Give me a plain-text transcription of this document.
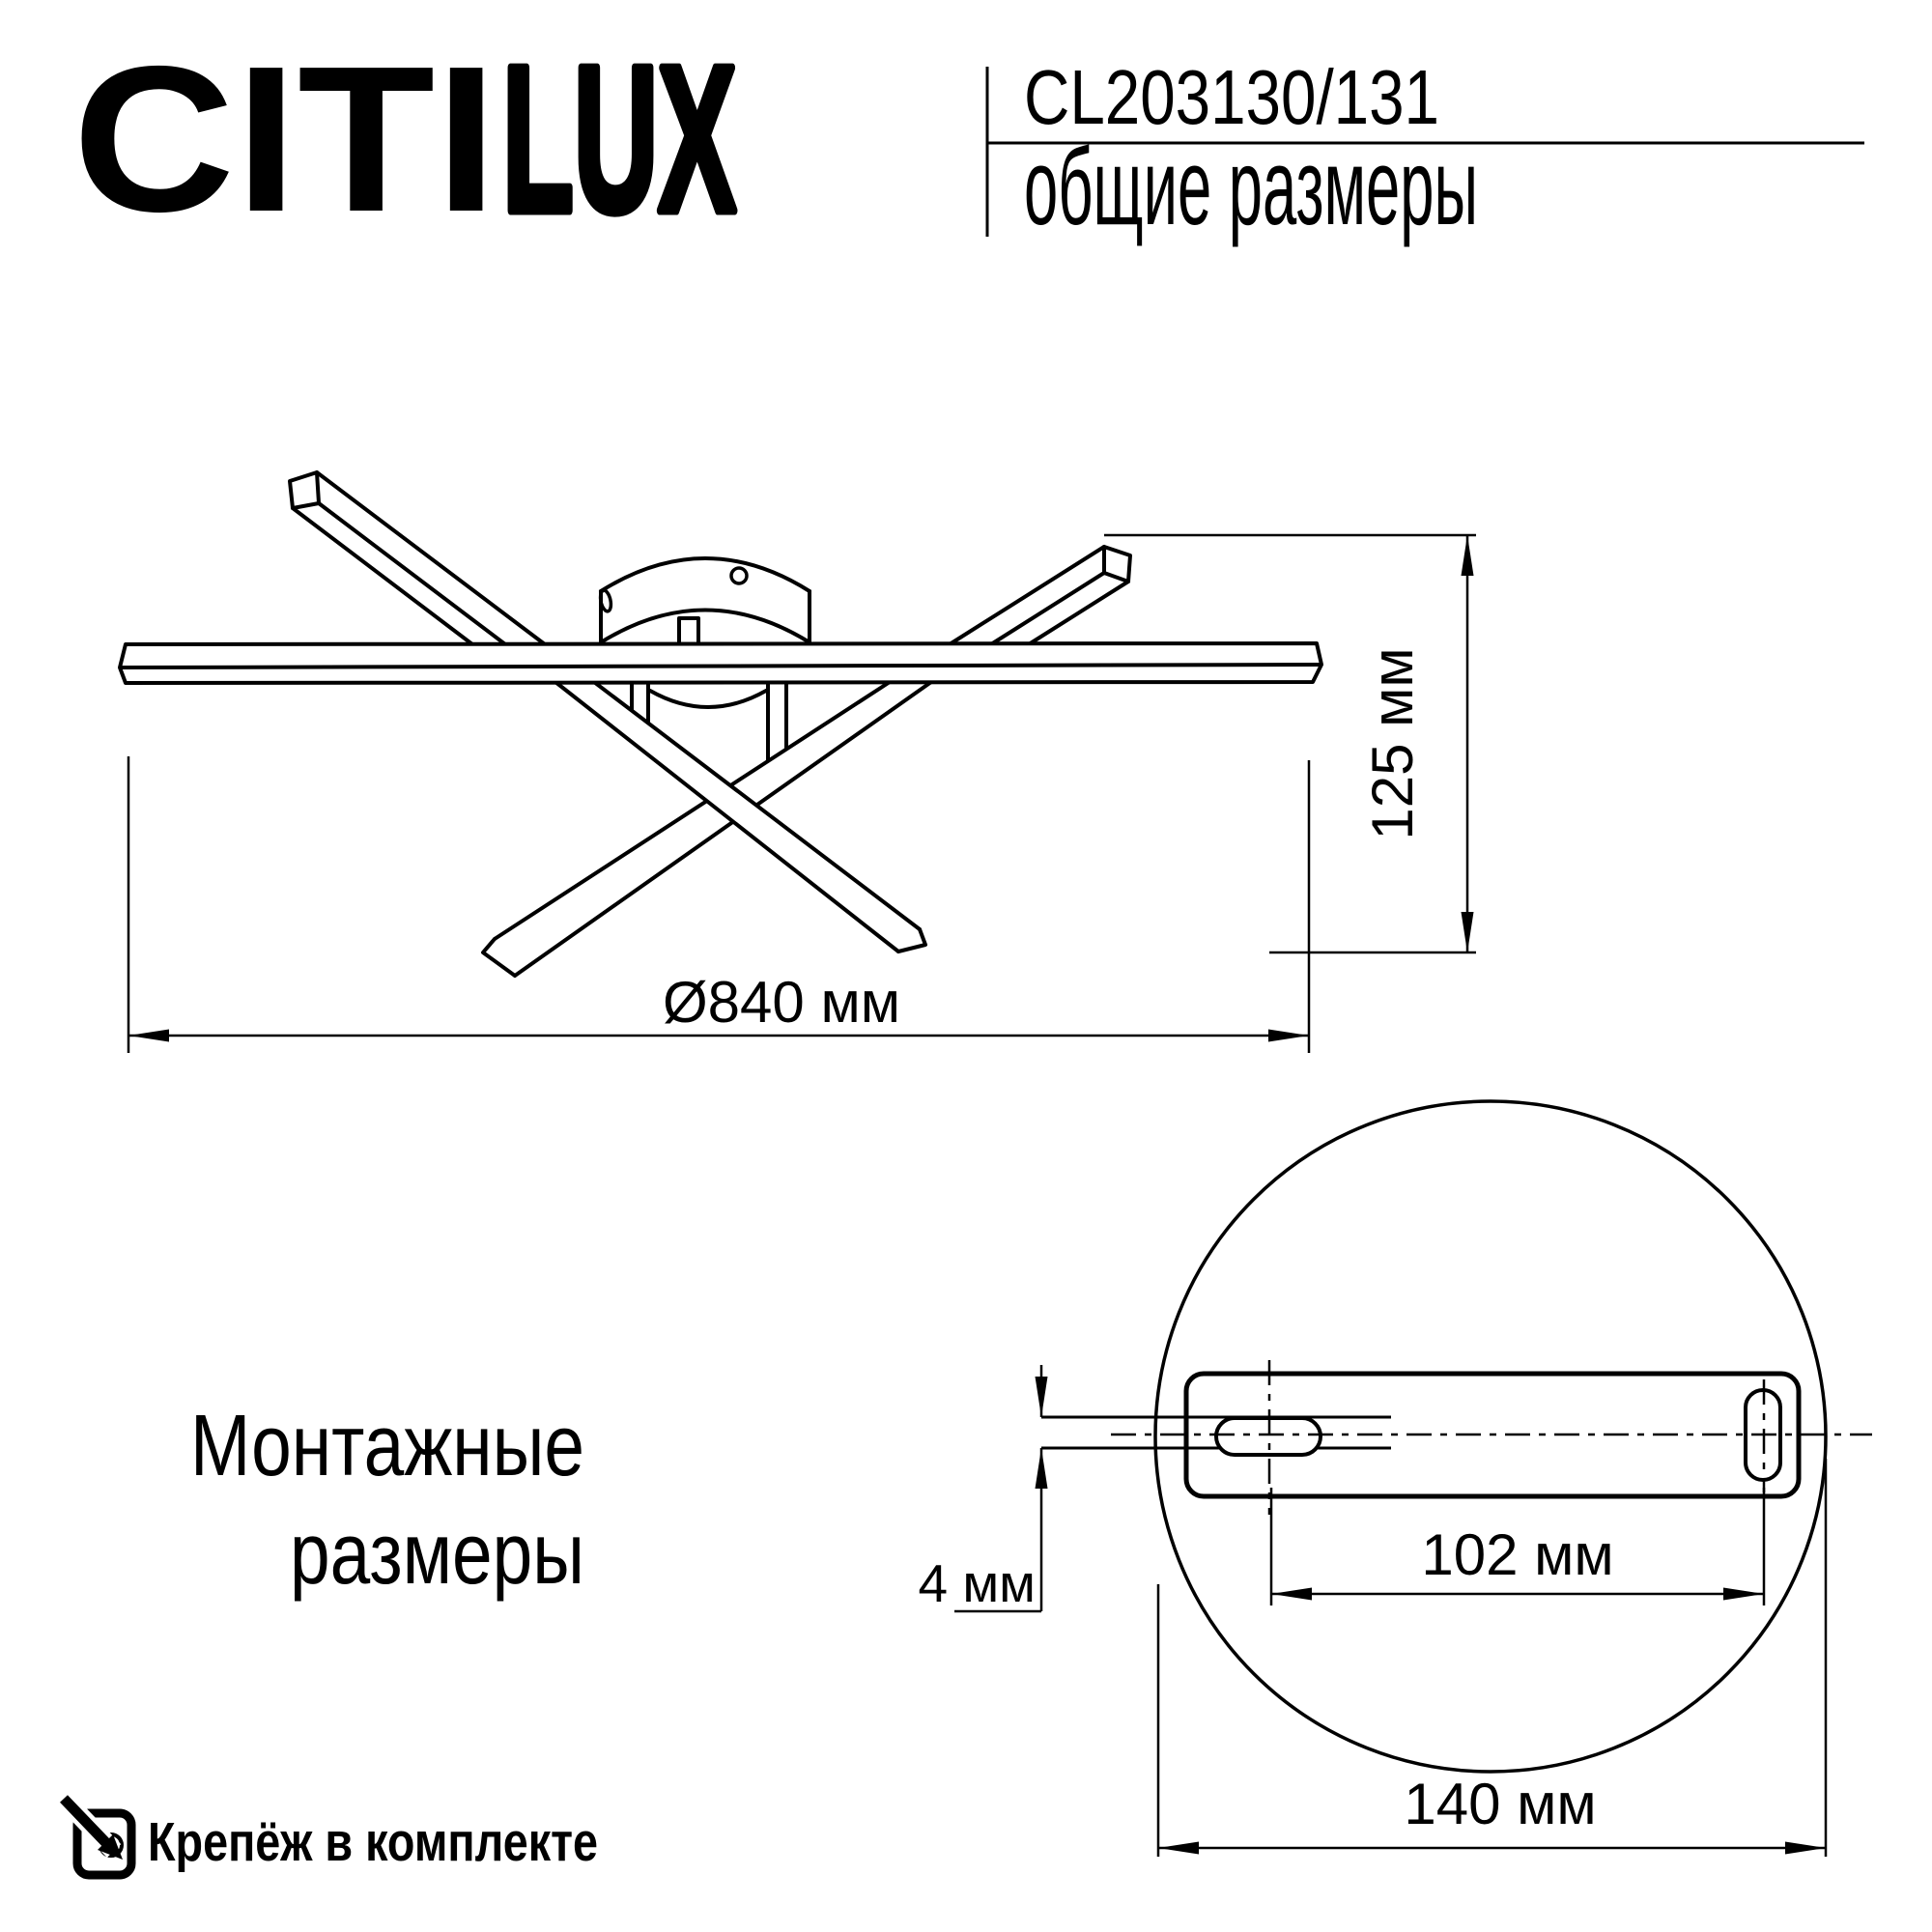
CITI LUX	CL203130/131
общие размеры
Ø840 мм
125 мм
4 мм	102 мм
140 мм
Монтажные
размеры
Крепёж в комплекте
